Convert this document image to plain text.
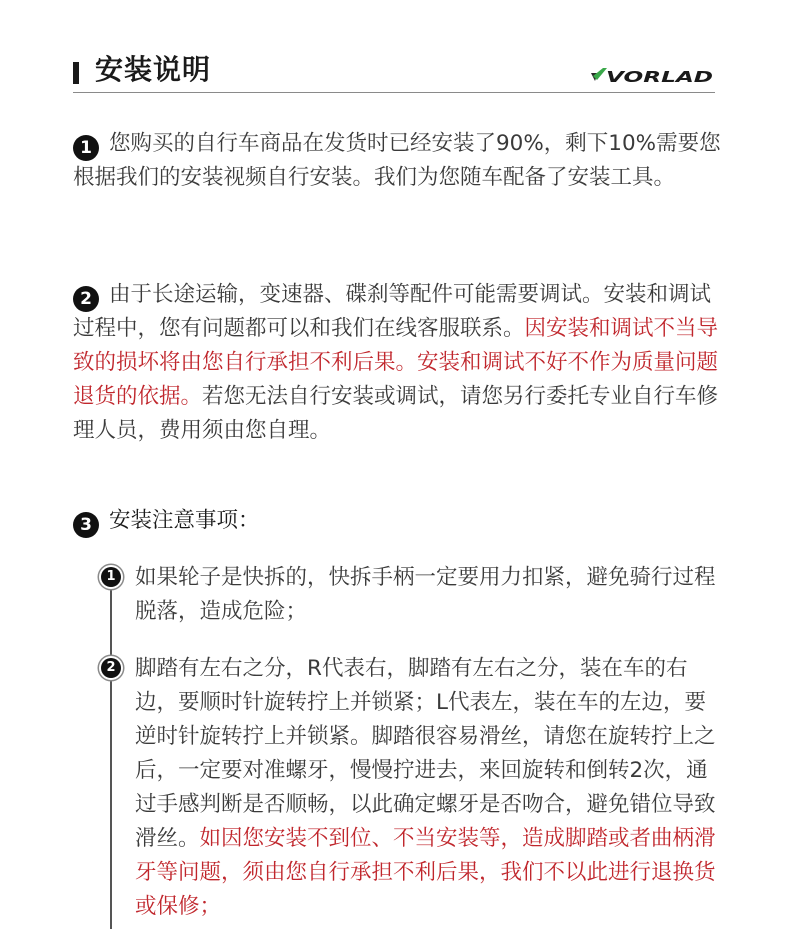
安装说明	VORLAD
1 您购买的自行车商品在发货时已经安装了90%，剩下10%需要您根据我们的安装视频自行安装。我们为您随车配备了安装工具。
2 由于长途运输，变速器、碟刹等配件可能需要调试。安装和调试过程中，您有问题都可以和我们在线客服联系。因安装和调试不当导致的损坏将由您自行承担不利后果。安装和调试不好不作为质量问题退货的依据。若您无法自行安装或调试，请您另行委托专业自行车修理人员，费用须由您自理。
3 安装注意事项：
1 如果轮子是快拆的，快拆手柄一定要用力扣紧，避免骑行过程脱落，造成危险；
2 脚踏有左右之分，R代表右，脚踏有左右之分，装在车的右边，要顺时针旋转拧上并锁紧；L代表左，装在车的左边，要逆时针旋转拧上并锁紧。脚踏很容易滑丝，请您在旋转拧上之后，一定要对准螺牙，慢慢拧进去，来回旋转和倒转2次，通过手感判断是否顺畅，以此确定螺牙是否吻合，避免错位导致滑丝。如因您安装不到位、不当安装等，造成脚踏或者曲柄滑牙等问题，须由您自行承担不利后果，我们不以此进行退换货或保修；
